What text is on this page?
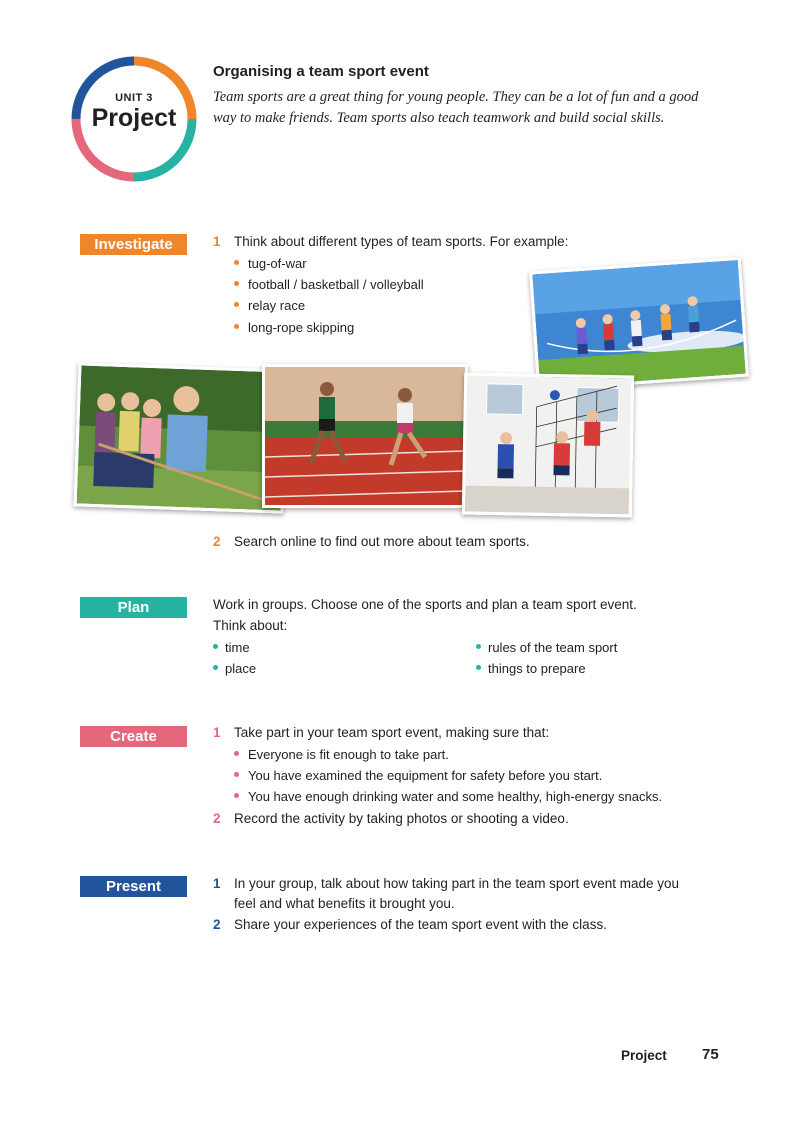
UNIT 3
Project
Organising a team sport event
Team sports are a great thing for young people. They can be a lot of fun and a good
way to make friends. Team sports also teach teamwork and build social skills.
Investigate	1 Think about different types of team sports. For example:
tug-of-war
football / basketball / volleyball
relay race
long-rope skipping
2 Search online to find out more about team sports.
Plan	Work in groups. Choose one of the sports and plan a team sport event.
Think about:
time
place
rules of the team sport
things to prepare
Create	1 Take part in your team sport event, making sure that:
Everyone is fit enough to take part.
You have examined the equipment for safety before you start.
You have enough drinking water and some healthy, high-energy snacks.
2 Record the activity by taking photos or shooting a video.
Present	1 In your group, talk about how taking part in the team sport event made you
feel and what benefits it brought you.
2 Share your experiences of the team sport event with the class.
Project 75
